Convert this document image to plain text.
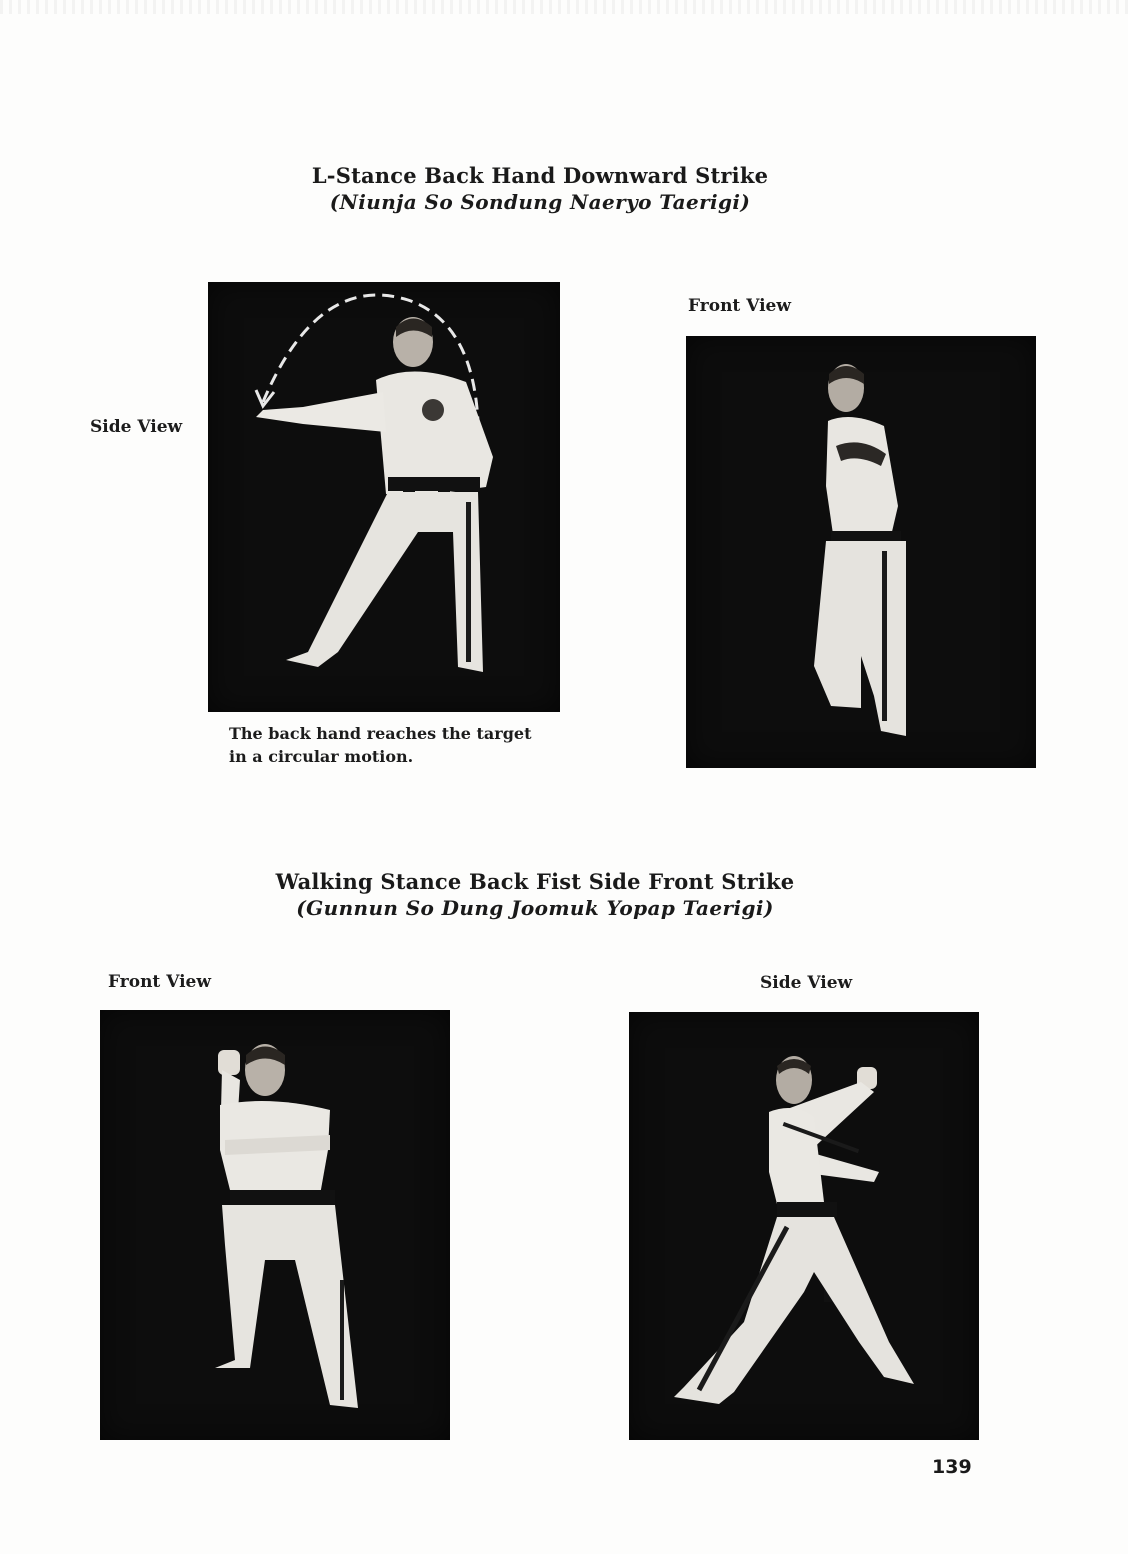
L-Stance Back Hand Downward Strike
(Niunja So Sondung Naeryo Taerigi)
Side View
The back hand reaches the target
in a circular motion.
Front View
Walking Stance Back Fist Side Front Strike
(Gunnun So Dung Joomuk Yopap Taerigi)
Front View	Side View
139
